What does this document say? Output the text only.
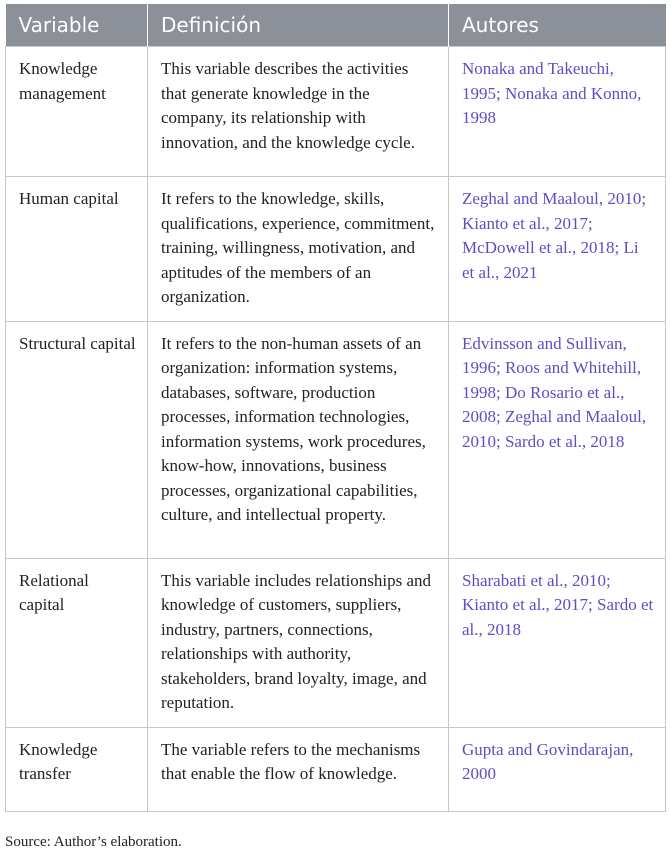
Variable	Definición	Autores
Knowledge management	This variable describes the activities that generate knowledge in the company, its relationship with innovation, and the knowledge cycle.	Nonaka and Takeuchi, 1995; Nonaka and Konno, 1998
Human capital	It refers to the knowledge, skills, qualifications, experience, commitment, training, willingness, motivation, and aptitudes of the members of an organization.	Zeghal and Maaloul, 2010; Kianto et al., 2017; McDowell et al., 2018; Li et al., 2021
Structural capital	It refers to the non-human assets of an organization: information systems, databases, software, production processes, information technologies, information systems, work procedures, know-how, innovations, business processes, organizational capabilities, culture, and intellectual property.	Edvinsson and Sullivan, 1996; Roos and Whitehill, 1998; Do Rosario et al., 2008; Zeghal and Maaloul, 2010; Sardo et al., 2018
Relational capital	This variable includes relationships and knowledge of customers, suppliers, industry, partners, connections, relationships with authority, stakeholders, brand loyalty, image, and reputation.	Sharabati et al., 2010; Kianto et al., 2017; Sardo et al., 2018
Knowledge transfer	The variable refers to the mechanisms that enable the flow of knowledge.	Gupta and Govindarajan, 2000
Source: Author’s elaboration.
